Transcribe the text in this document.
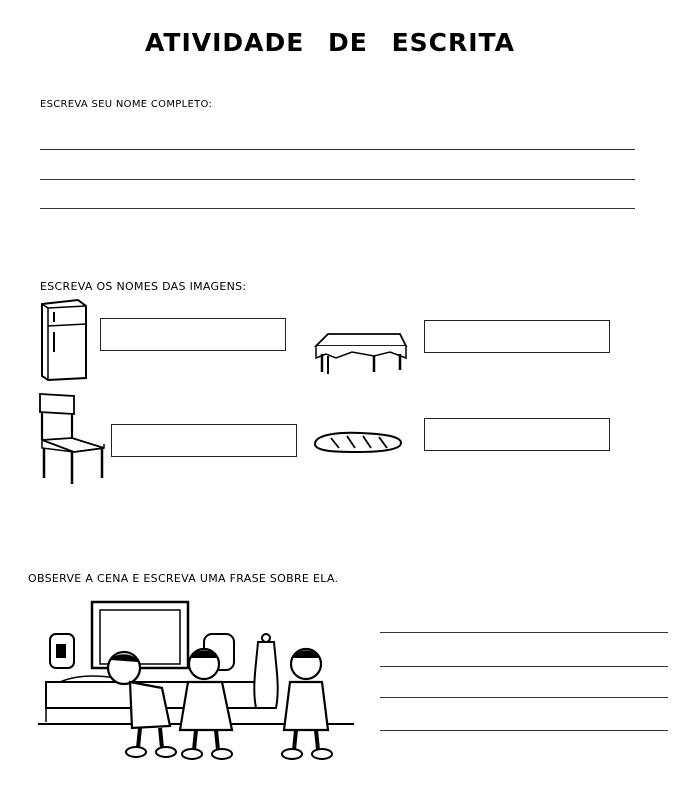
ATIVIDADE DE ESCRITA
ESCREVA SEU NOME COMPLETO:
ESCREVA OS NOMES DAS IMAGENS:
OBSERVE A CENA E ESCREVA UMA FRASE SOBRE ELA.
